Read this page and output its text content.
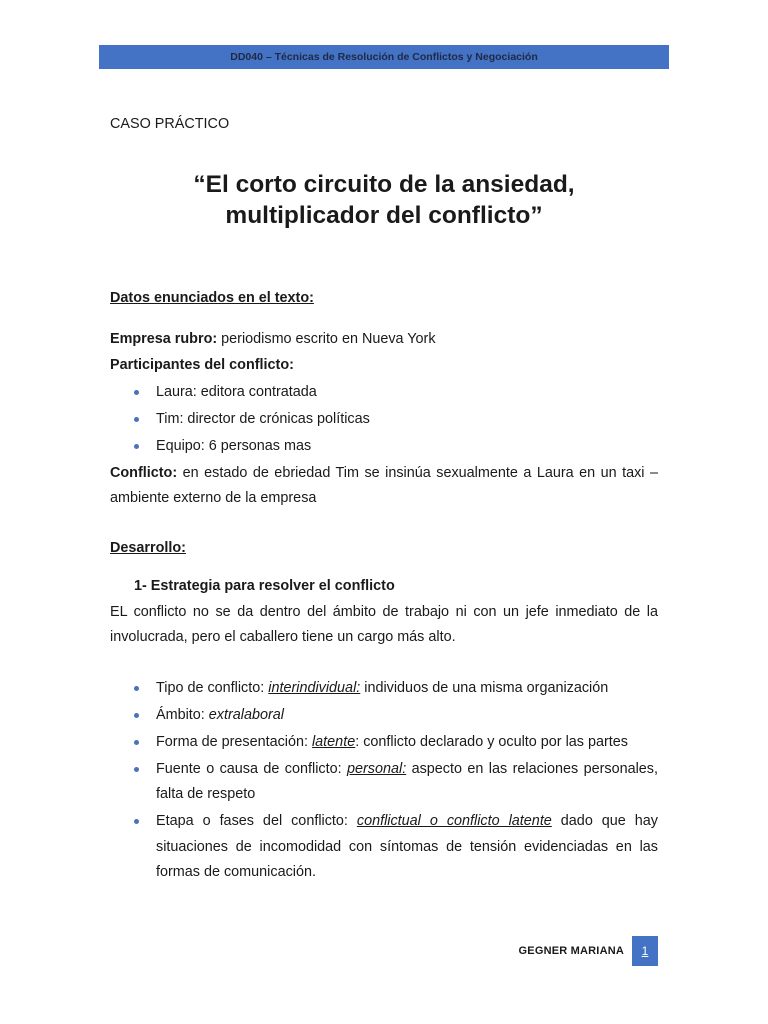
DD040 – Técnicas de Resolución de Conflictos y Negociación

CASO PRÁCTICO

“El corto circuito de la ansiedad,
multiplicador del conflicto”

Datos enunciados en el texto:

Empresa rubro: periodismo escrito en Nueva York

Participantes del conflicto:

Laura: editora contratada
Tim: director de crónicas políticas
Equipo: 6 personas mas

Conflicto: en estado de ebriedad Tim se insinúa sexualmente a Laura en un taxi – ambiente externo de la empresa

Desarrollo:

1- Estrategia para resolver el conflicto

EL conflicto no se da dentro del ámbito de trabajo ni con un jefe inmediato de la involucrada, pero el caballero tiene un cargo más alto.

Tipo de conflicto: interindividual: individuos de una misma organización
Ámbito: extralaboral
Forma de presentación: latente: conflicto declarado y oculto por las partes
Fuente o causa de conflicto: personal: aspecto en las relaciones personales, falta de respeto
Etapa o fases del conflicto: conflictual o conflicto latente dado que hay situaciones de incomodidad con síntomas de tensión evidenciadas en las formas de comunicación.
GEGNER MARIANA	1
